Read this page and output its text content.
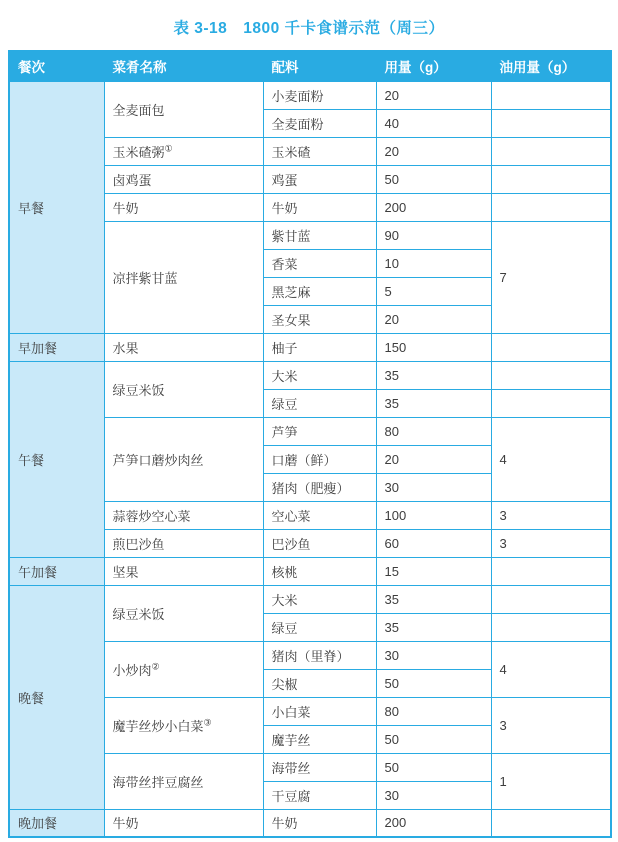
表 3-18　1800 千卡食谱示范（周三）
餐次	菜肴名称	配料	用量（g）	油用量（g）
早餐	全麦面包	小麦面粉	20	
		全麦面粉	40	
	玉米碴粥①	玉米碴	20	
	卤鸡蛋	鸡蛋	50	
	牛奶	牛奶	200	
	凉拌紫甘蓝	紫甘蓝	90	7
		香菜	10	
		黑芝麻	5	
		圣女果	20	
早加餐	水果	柚子	150	
午餐	绿豆米饭	大米	35	
		绿豆	35	
	芦笋口蘑炒肉丝	芦笋	80	4
		口蘑（鲜）	20	
		猪肉（肥瘦）	30	
	蒜蓉炒空心菜	空心菜	100	3
	煎巴沙鱼	巴沙鱼	60	3
午加餐	坚果	核桃	15	
晚餐	绿豆米饭	大米	35	
		绿豆	35	
	小炒肉②	猪肉（里脊）	30	4
		尖椒	50	
	魔芋丝炒小白菜③	小白菜	80	3
		魔芋丝	50	
	海带丝拌豆腐丝	海带丝	50	1
		干豆腐	30	
晚加餐	牛奶	牛奶	200	
